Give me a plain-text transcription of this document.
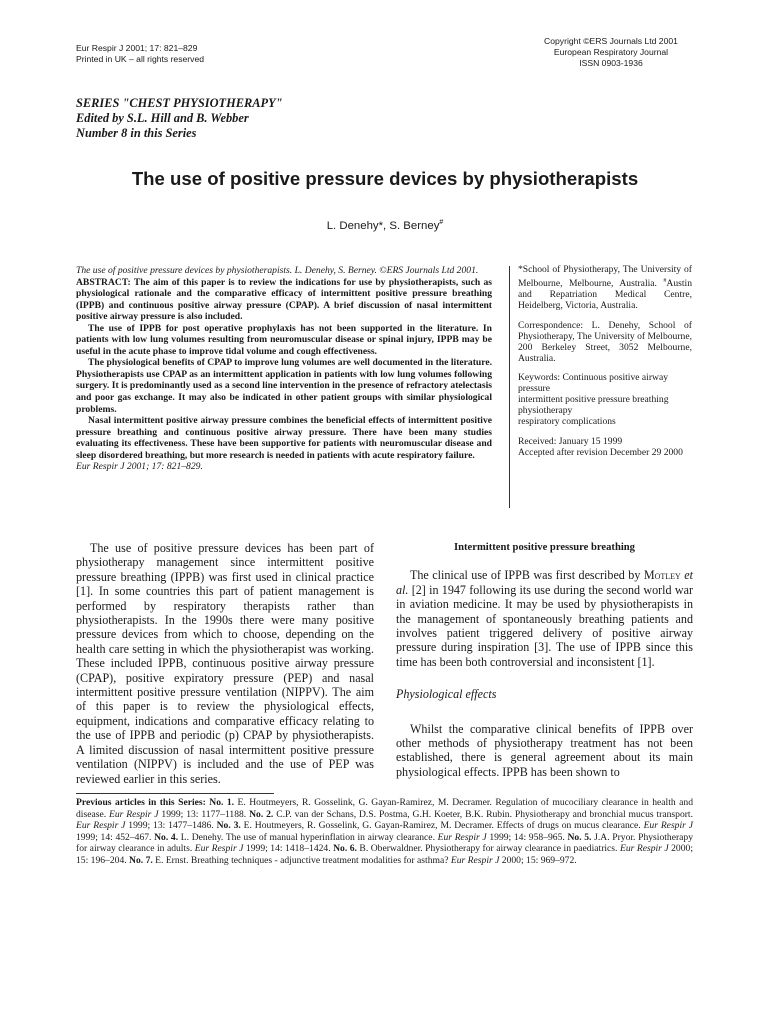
Eur Respir J 2001; 17: 821–829
Printed in UK – all rights reserved
Copyright ©ERS Journals Ltd 2001
European Respiratory Journal
ISSN 0903-1936
SERIES "CHEST PHYSIOTHERAPY"
Edited by S.L. Hill and B. Webber
Number 8 in this Series
The use of positive pressure devices by physiotherapists
L. Denehy*, S. Berney#

The use of positive pressure devices by physiotherapists. L. Denehy, S. Berney. ©ERS Journals Ltd 2001.

ABSTRACT: The aim of this paper is to review the indications for use by physiotherapists, such as physiological rationale and the comparative efficacy of intermittent positive pressure breathing (IPPB) and continuous positive airway pressure (CPAP). A brief discussion of nasal intermittent positive airway pressure is also included.

The use of IPPB for post operative prophylaxis has not been supported in the literature. In patients with low lung volumes resulting from neuromuscular disease or spinal injury, IPPB may be useful in the acute phase to improve tidal volume and cough effectiveness.

The physiological benefits of CPAP to improve lung volumes are well documented in the literature. Physiotherapists use CPAP as an intermittent application in patients with low lung volumes following surgery. It is predominantly used as a second line intervention in the presence of refractory atelectasis and poor gas exchange. It may also be indicated in other patient groups with similar physiological problems.

Nasal intermittent positive airway pressure combines the beneficial effects of intermittent positive pressure breathing and continuous positive airway pressure. There have been many studies evaluating its effectiveness. These have been supportive for patients with neuromuscular disease and sleep disordered breathing, but more research is needed in patients with acute respiratory failure.

Eur Respir J 2001; 17: 821–829.

*School of Physiotherapy, The University of Melbourne, Melbourne, Australia. #Austin and Repatriation Medical Centre, Heidelberg, Victoria, Australia.

Correspondence: L. Denehy, School of Physiotherapy, The University of Melbourne, 200 Berkeley Street, 3052 Melbourne, Australia.

Keywords: Continuous positive airway pressure
intermittent positive pressure breathing
physiotherapy
respiratory complications

Received: January 15 1999
Accepted after revision December 29 2000

The use of positive pressure devices has been part of physiotherapy management since intermittent positive pressure breathing (IPPB) was first used in clinical practice [1]. In some countries this part of patient management is performed by respiratory therapists rather than physiotherapists. In the 1990s there were many positive pressure devices from which to choose, depending on the health care setting in which the physiotherapist was working. These included IPPB, continuous positive airway pressure (CPAP), positive expiratory pressure (PEP) and nasal intermittent positive pressure ventilation (NIPPV). The aim of this paper is to review the physiological effects, equipment, indications and comparative efficacy relating to the use of IPPB and periodic (p) CPAP by physiotherapists. A limited discussion of nasal intermittent positive pressure ventilation (NIPPV) is included and the use of PEP was reviewed earlier in this series.

Intermittent positive pressure breathing

The clinical use of IPPB was first described by Motley et al. [2] in 1947 following its use during the second world war in aviation medicine. It may be used by physiotherapists in the management of spontaneously breathing patients and involves patient triggered delivery of positive airway pressure during inspiration [3]. The use of IPPB since this time has been both controversial and inconsistent [1].

Physiological effects

Whilst the comparative clinical benefits of IPPB over other methods of physiotherapy treatment has not been established, there is general agreement about its main physiological effects. IPPB has been shown to

Previous articles in this Series: No. 1. E. Houtmeyers, R. Gosselink, G. Gayan-Ramirez, M. Decramer. Regulation of mucociliary clearance in health and disease. Eur Respir J 1999; 13: 1177–1188. No. 2. C.P. van der Schans, D.S. Postma, G.H. Koeter, B.K. Rubin. Physiotherapy and bronchial mucus transport. Eur Respir J 1999; 13: 1477–1486. No. 3. E. Houtmeyers, R. Gosselink, G. Gayan-Ramirez, M. Decramer. Effects of drugs on mucus clearance. Eur Respir J 1999; 14: 452–467. No. 4. L. Denehy. The use of manual hyperinflation in airway clearance. Eur Respir J 1999; 14: 958–965. No. 5. J.A. Pryor. Physiotherapy for airway clearance in adults. Eur Respir J 1999; 14: 1418–1424. No. 6. B. Oberwaldner. Physiotherapy for airway clearance in paediatrics. Eur Respir J 2000; 15: 196–204. No. 7. E. Ernst. Breathing techniques - adjunctive treatment modalities for asthma? Eur Respir J 2000; 15: 969–972.
